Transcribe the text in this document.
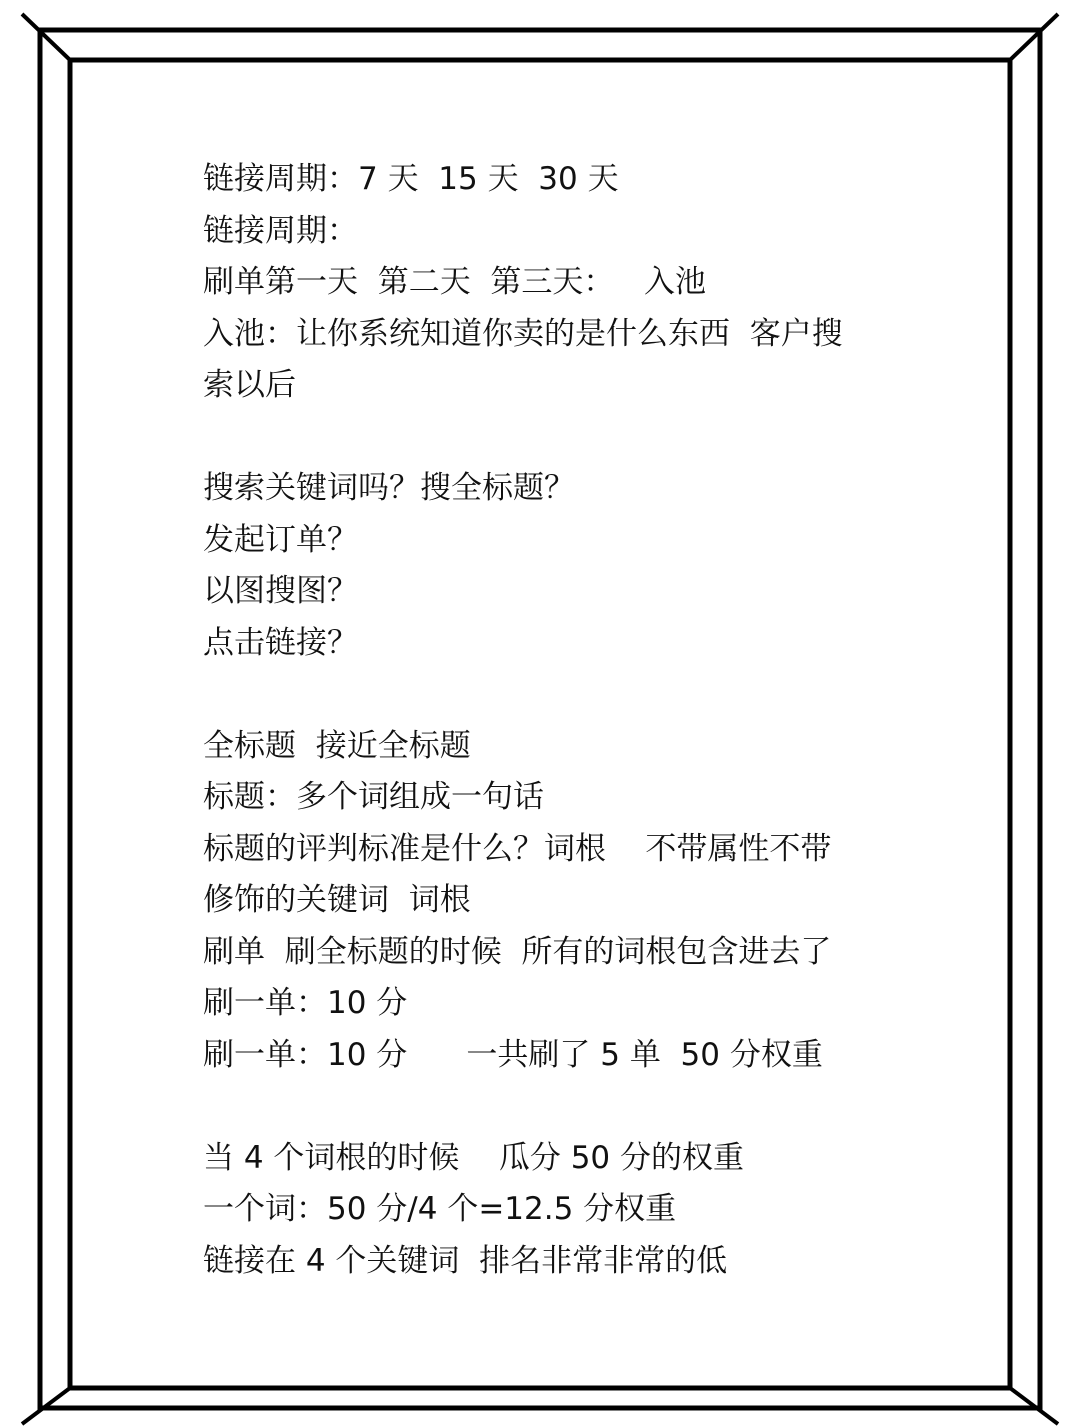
链接周期：7 天  15 天  30 天
链接周期：
刷单第一天  第二天  第三天：   入池
入池：让你系统知道你卖的是什么东西  客户搜
索以后
搜索关键词吗？搜全标题？
发起订单？
以图搜图？
点击链接？
全标题  接近全标题
标题：多个词组成一句话
标题的评判标准是什么？词根    不带属性不带
修饰的关键词  词根
刷单  刷全标题的时候  所有的词根包含进去了
刷一单：10 分
刷一单：10 分      一共刷了 5 单  50 分权重
当 4 个词根的时候    瓜分 50 分的权重
一个词：50 分/4 个=12.5 分权重
链接在 4 个关键词  排名非常非常的低
